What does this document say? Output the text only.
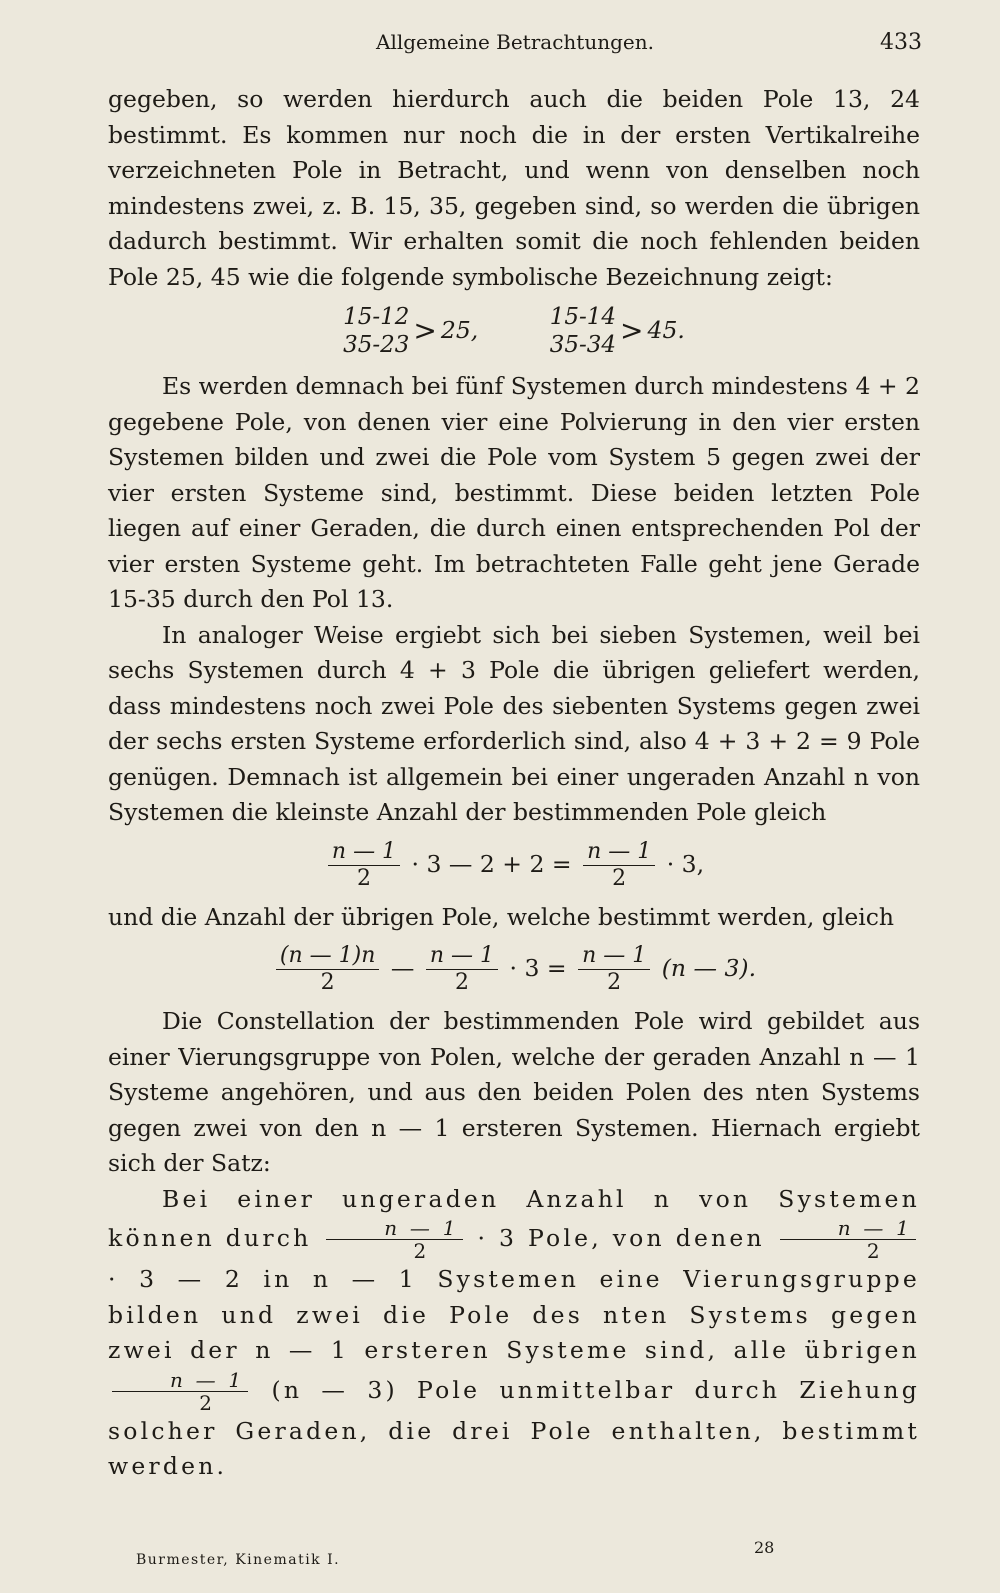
Allgemeine Betrachtungen.	433

gegeben, so werden hierdurch auch die beiden Pole 13, 24 bestimmt. Es kommen nur noch die in der ersten Vertikalreihe verzeichneten Pole in Betracht, und wenn von denselben noch mindestens zwei, z. B. 15, 35, gegeben sind, so werden die übrigen dadurch bestimmt. Wir erhalten somit die noch fehlenden beiden Pole 25, 45 wie die folgende symbolische Bezeichnung zeigt:

15-12
35-23 > 25,
	15-14
35-34 > 45.

Es werden demnach bei fünf Systemen durch mindestens 4 + 2 gegebene Pole, von denen vier eine Polvierung in den vier ersten Systemen bilden und zwei die Pole vom System 5 gegen zwei der vier ersten Systeme sind, bestimmt. Diese beiden letzten Pole liegen auf einer Geraden, die durch einen entsprechenden Pol der vier ersten Systeme geht. Im betrachteten Falle geht jene Gerade 15-35 durch den Pol 13.

In analoger Weise ergiebt sich bei sieben Systemen, weil bei sechs Systemen durch 4 + 3 Pole die übrigen geliefert werden, dass mindestens noch zwei Pole des siebenten Systems gegen zwei der sechs ersten Systeme erforderlich sind, also 4 + 3 + 2 = 9 Pole genügen. Demnach ist allgemein bei einer ungeraden Anzahl n von Systemen die kleinste Anzahl der bestimmenden Pole gleich

$\frac{n — 1}{2} \cdot 3$ — $2 + 2 = \frac{n — 1}{2} \cdot 3$,

und die Anzahl der übrigen Pole, welche bestimmt werden, gleich

$\frac{(n — 1)n}{2}$ — $\frac{n — 1}{2} \cdot 3 = \frac{n — 1}{2} (n$ — 3).

Die Constellation der bestimmenden Pole wird gebildet aus einer Vierungsgruppe von Polen, welche der geraden Anzahl n — 1 Systeme angehören, und aus den beiden Polen des nten Systems gegen zwei von den n — 1 ersteren Systemen. Hiernach ergiebt sich der Satz:

Bei einer ungeraden Anzahl n von Systemen können durch $\frac{n — 1}{2} \cdot 3$ Pole, von denen $\frac{n — 1}{2}$
· 3 — 2 in n — 1 Systemen eine Vierungsgruppe bilden und zwei die Pole des nten Systems gegen zwei der n — 1 ersteren Systeme sind, alle übrigen
$\frac{n — 1}{2} (n$ — 3) Pole unmittelbar durch Ziehung solcher Geraden, die drei Pole enthalten, bestimmt werden.

Burmester, Kinematik I.
28
